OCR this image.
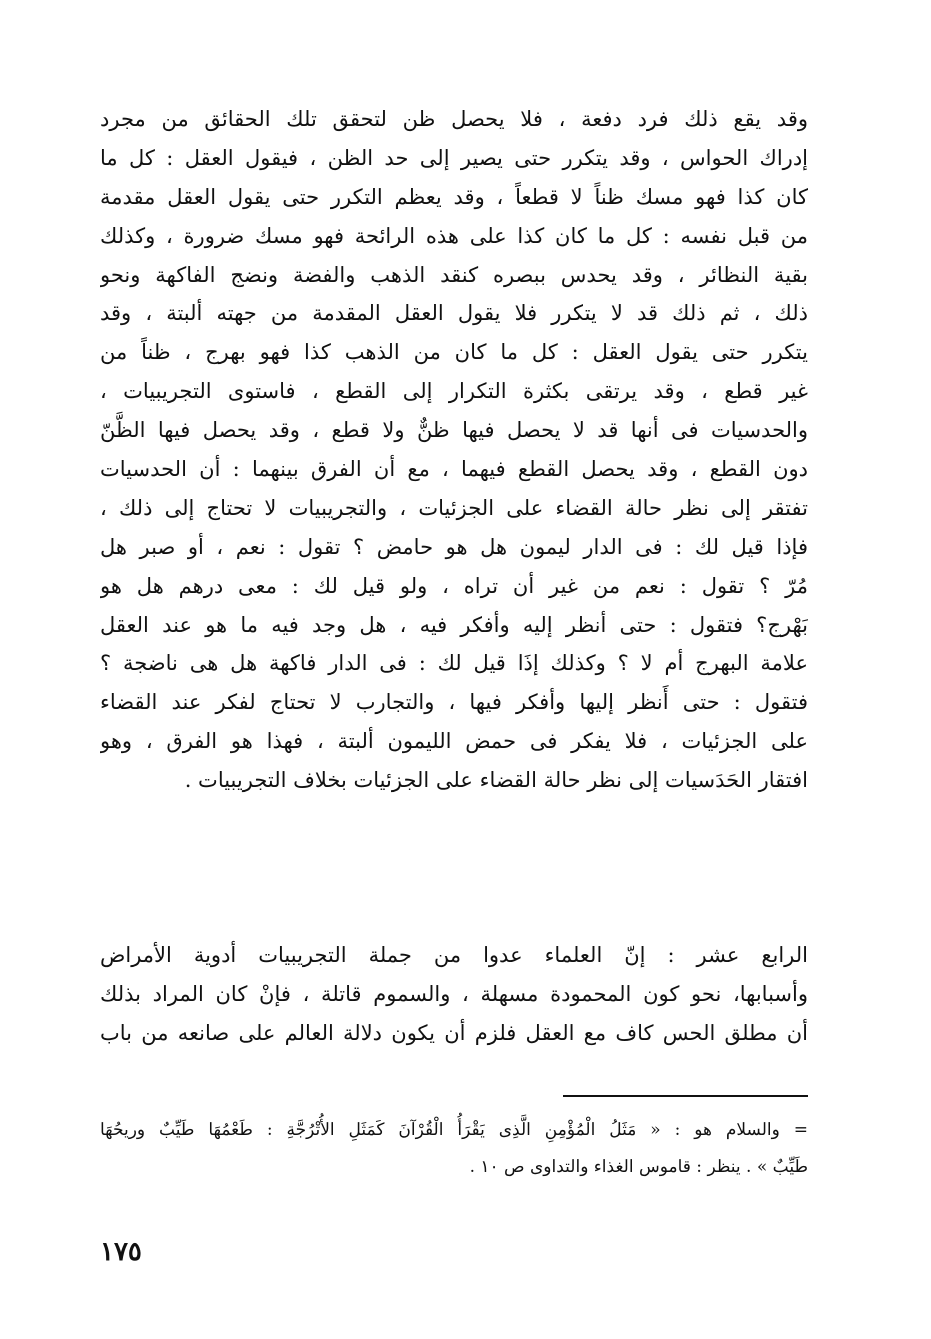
وقد يقع ذلك فرد دفعة ، فلا يحصل ظن لتحقق تلك الحقائق من مجرد
إدراك الحواس ، وقد يتكرر حتى يصير إلى حد الظن ، فيقول العقل : كل ما
كان كذا فهو مسك ظناً لا قطعاً ، وقد يعظم التكرر حتى يقول العقل مقدمة
من قبل نفسه : كل ما كان كذا على هذه الرائحة فهو مسك ضرورة ، وكذلك
بقية النظائر ، وقد يحدس ببصره كنقد الذهب والفضة ونضج الفاكهة ونحو
ذلك ، ثم ذلك قد لا يتكرر فلا يقول العقل المقدمة من جهته ألبتة ، وقد
يتكرر حتى يقول العقل : كل ما كان من الذهب كذا فهو بهرج ، ظناً من
غير قطع ، وقد يرتقى بكثرة التكرار إلى القطع ، فاستوى التجريبيات ،
والحدسيات فى أنها قد لا يحصل فيها ظنٌّ ولا قطع ، وقد يحصل فيها الظَّنّ
دون القطع ، وقد يحصل القطع فيهما ، مع أن الفرق بينهما : أن الحدسيات
تفتقر إلى نظر حالة القضاء على الجزئيات ، والتجريبيات لا تحتاج إلى ذلك ،
فإذا قيل لك : فى الدار ليمون هل هو حامض ؟ تقول : نعم ، أو صبر هل
مُرّ ؟ تقول : نعم من غير أن تراه ، ولو قيل لك : معى درهم هل هو
بَهْرج؟ فتقول : حتى أنظر إليه وأفكر فيه ، هل وجد فيه ما هو عند العقل
علامة البهرج أم لا ؟ وكذلك إذَا قيل لك : فى الدار فاكهة هل هى ناضجة ؟
فتقول : حتى أَنظر إليها وأفكر فيها ، والتجارب لا تحتاج لفكر عند القضاء
على الجزئيات ، فلا يفكر فى حمض الليمون ألبتة ، فهذا هو الفرق ، وهو
افتقار الحَدَسيات إلى نظر حالة القضاء على الجزئيات بخلاف التجريبيات .
الرابع عشر : إنّ العلماء عدوا من جملة التجريبيات أدوية الأمراض
وأسبابها، نحو كون المحمودة مسهلة ، والسموم قاتلة ، فإنْ كان المراد بذلك
أن مطلق الحس كاف مع العقل فلزم أن يكون دلالة العالم على صانعه من باب
= والسلام هو : « مَثَلُ الْمُؤْمِنِ الَّذِى يَقْرَأُ الْقُرْآنَ كَمَثَلِ الأُتْرُجَّةِ : طَعْمُهَا طَيِّبٌ وريحُهَا
طَيِّبٌ » . ينظر : قاموس الغذاء والتداوى ص ١٠ .
١٧٥
